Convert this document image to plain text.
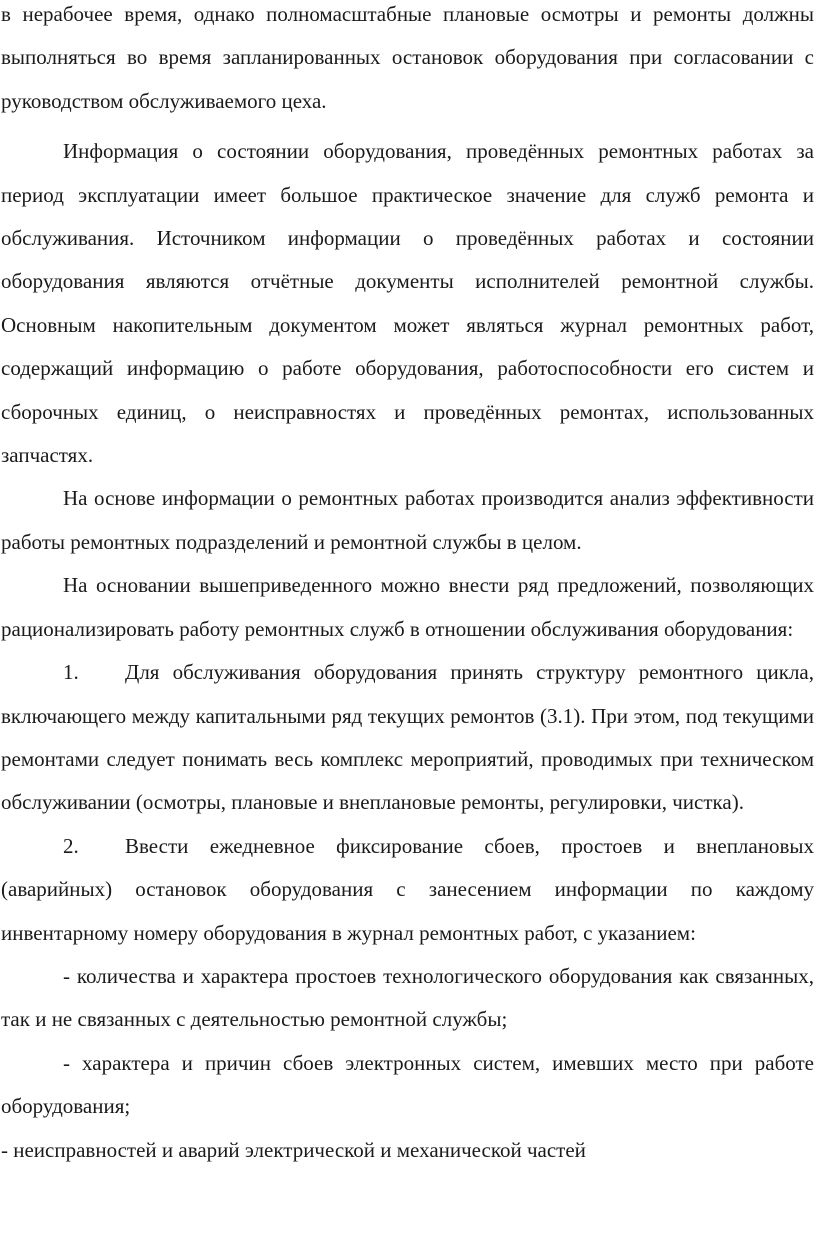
в нерабочее время, однако полномасштабные плановые осмотры и ремонты должны выполняться во время запланированных остановок оборудования при согласовании с руководством обслуживаемого цеха.

Информация о состоянии оборудования, проведённых ремонтных работах за период эксплуатации имеет большое практическое значение для служб ремонта и обслуживания. Источником информации о проведённых работах и состоянии оборудования являются отчётные документы исполнителей ремонтной службы. Основным накопительным документом может являться журнал ремонтных работ, содержащий информацию о работе оборудования, работоспособности его систем и сборочных единиц, о неисправностях и проведённых ремонтах, использованных запчастях.

На основе информации о ремонтных работах производится анализ эффективности работы ремонтных подразделений и ремонтной службы в целом.

На основании вышеприведенного можно внести ряд предложений, позволяющих рационализировать работу ремонтных служб в отношении обслуживания оборудования:

1. Для обслуживания оборудования принять структуру ремонтного цикла, включающего между капитальными ряд текущих ремонтов (3.1). При этом, под текущими ремонтами следует понимать весь комплекс мероприятий, проводимых при техническом обслуживании (осмотры, плановые и внеплановые ремонты, регулировки, чистка).

2. Ввести ежедневное фиксирование сбоев, простоев и внеплановых (аварийных) остановок оборудования с занесением информации по каждому инвентарному номеру оборудования в журнал ремонтных работ, с указанием:

- количества и характера простоев технологического оборудования как связанных, так и не связанных с деятельностью ремонтной службы;

- характера и причин сбоев электронных систем, имевших место при работе оборудования;

- неисправностей и аварий электрической и механической частей
